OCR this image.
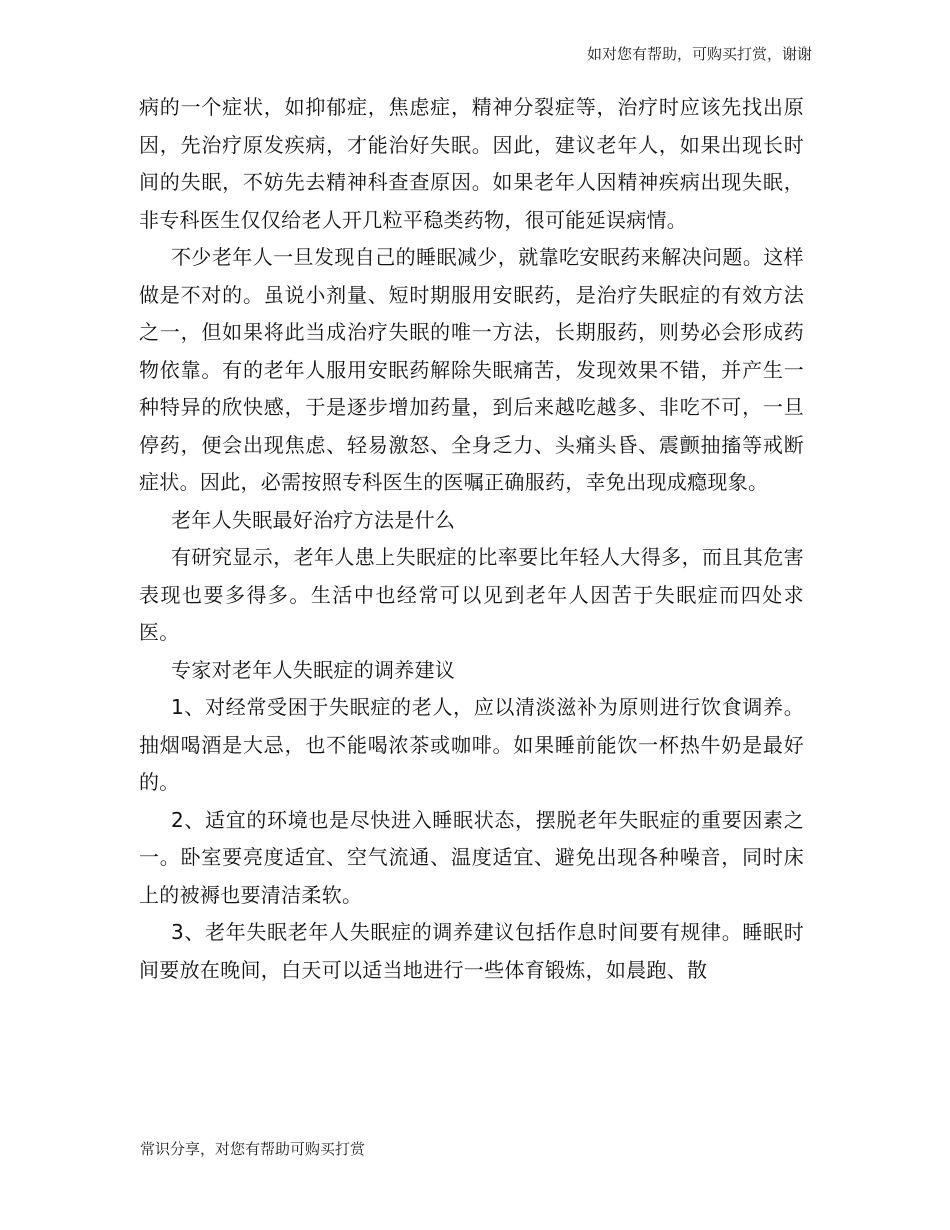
如对您有帮助，可购买打赏，谢谢

病的一个症状，如抑郁症，焦虑症，精神分裂症等，治疗时应该先找出原因，先治疗原发疾病，才能治好失眠。因此，建议老年人，如果出现长时间的失眠，不妨先去精神科查查原因。如果老年人因精神疾病出现失眠，非专科医生仅仅给老人开几粒平稳类药物，很可能延误病情。

不少老年人一旦发现自己的睡眠减少，就靠吃安眠药来解决问题。这样做是不对的。虽说小剂量、短时期服用安眠药，是治疗失眠症的有效方法之一，但如果将此当成治疗失眠的唯一方法，长期服药，则势必会形成药物依靠。有的老年人服用安眠药解除失眠痛苦，发现效果不错，并产生一种特异的欣快感，于是逐步增加药量，到后来越吃越多、非吃不可，一旦停药，便会出现焦虑、轻易激怒、全身乏力、头痛头昏、震颤抽搐等戒断症状。因此，必需按照专科医生的医嘱正确服药，幸免出现成瘾现象。

老年人失眠最好治疗方法是什么

有研究显示，老年人患上失眠症的比率要比年轻人大得多，而且其危害表现也要多得多。生活中也经常可以见到老年人因苦于失眠症而四处求医。

专家对老年人失眠症的调养建议

1、对经常受困于失眠症的老人，应以清淡滋补为原则进行饮食调养。抽烟喝酒是大忌，也不能喝浓茶或咖啡。如果睡前能饮一杯热牛奶是最好的。

2、适宜的环境也是尽快进入睡眠状态，摆脱老年失眠症的重要因素之一。卧室要亮度适宜、空气流通、温度适宜、避免出现各种噪音，同时床上的被褥也要清洁柔软。

3、老年失眠老年人失眠症的调养建议包括作息时间要有规律。睡眠时间要放在晚间，白天可以适当地进行一些体育锻炼，如晨跑、散

常识分享，对您有帮助可购买打赏
